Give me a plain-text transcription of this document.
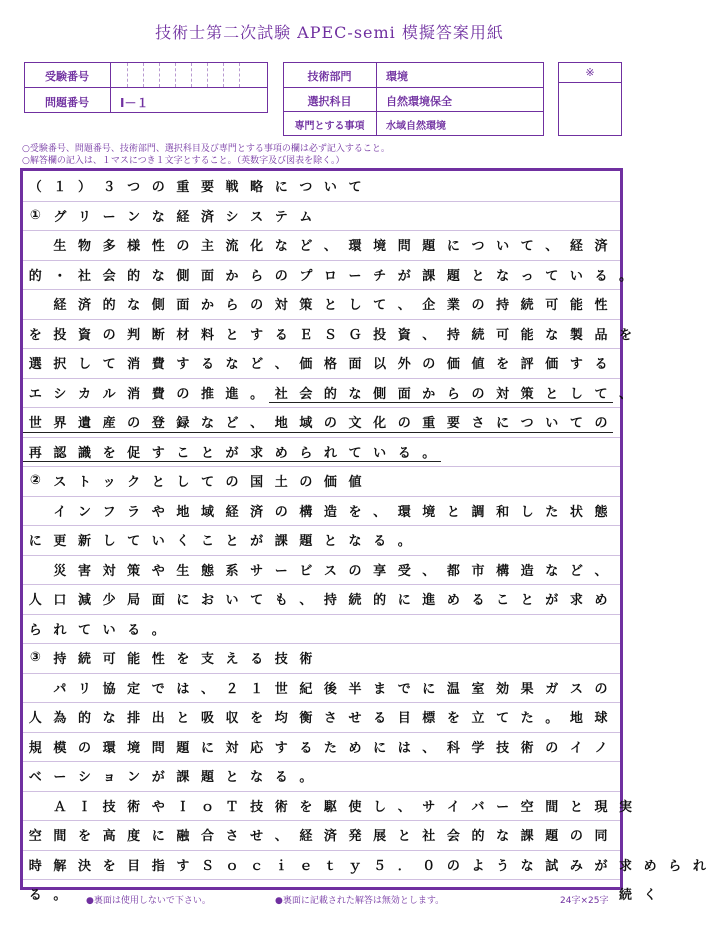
技術士第二次試験 APEC-semi 模擬答案用紙
受験番号
問題番号	Ⅰ－１
技術部門	環境
選択科目	自然環境保全
専門とする事項	水域自然環境
※
○受験番号、問題番号、技術部門、選択科目及び専門とする事項の欄は必ず記入すること。
○解答欄の記入は、１マスにつき１文字とすること。（英数字及び図表を除く。）
（ １ ） ３ つ の 重 要 戦 略 に つ い て
① グ リ ー ン な 経 済 シ ス テ ム

生 物 多 様 性 の 主 流 化 な ど 、 環 境 問 題 に つ い て 、 経 済
的 ・ 社 会 的 な 側 面 か ら の プ ロ ー チ が 課 題 と な っ て い る 。

経 済 的 な 側 面 か ら の 対 策 と し て 、 企 業 の 持 続 可 能 性
を 投 資 の 判 断 材 料 と す る Ｅ Ｓ Ｇ 投 資 、 持 続 可 能 な 製 品 を
選 択 し て 消 費 す る な ど 、 価 格 面 以 外 の 価 値 を 評 価 す る
エ シ カ ル 消 費 の 推 進 。 社 会 的 な 側 面 か ら の 対 策 と し て 、
世 界 遺 産 の 登 録 な ど 、 地 域 の 文 化 の 重 要 さ に つ い て の
再 認 識 を 促 す こ と が 求 め ら れ て い る 。
② ス ト ッ ク と し て の 国 土 の 価 値

イ ン フ ラ や 地 域 経 済 の 構 造 を 、 環 境 と 調 和 し た 状 態
に 更 新 し て い く こ と が 課 題 と な る 。

災 害 対 策 や 生 態 系 サ ー ビ ス の 享 受 、 都 市 構 造 な ど 、
人 口 減 少 局 面 に お い て も 、 持 続 的 に 進 め る こ と が 求 め
ら れ て い る 。
③ 持 続 可 能 性 を 支 え る 技 術

パ リ 協 定 で は 、 ２ １ 世 紀 後 半 ま で に 温 室 効 果 ガ ス の
人 為 的 な 排 出 と 吸 収 を 均 衡 さ せ る 目 標 を 立 て た 。 地 球
規 模 の 環 境 問 題 に 対 応 す る た め に は 、 科 学 技 術 の イ ノ
ベ ー シ ョ ン が 課 題 と な る 。

Ａ Ｉ 技 術 や Ｉ ｏ Ｔ 技 術 を 駆 使 し 、 サ イ バ ー 空 間 と 現 実
空 間 を 高 度 に 融 合 さ せ 、 経 済 発 展 と 社 会 的 な 課 題 の 同
時 解 決 を 目 指 す Ｓ ｏ ｃ ｉ ｅ ｔ ｙ ５ ． ０ の よ う な 試 み が 求 め ら れ
る 。

　	続 く
●裏面は使用しないで下さい。	●裏面に記載された解答は無効とします。	24字×25字
